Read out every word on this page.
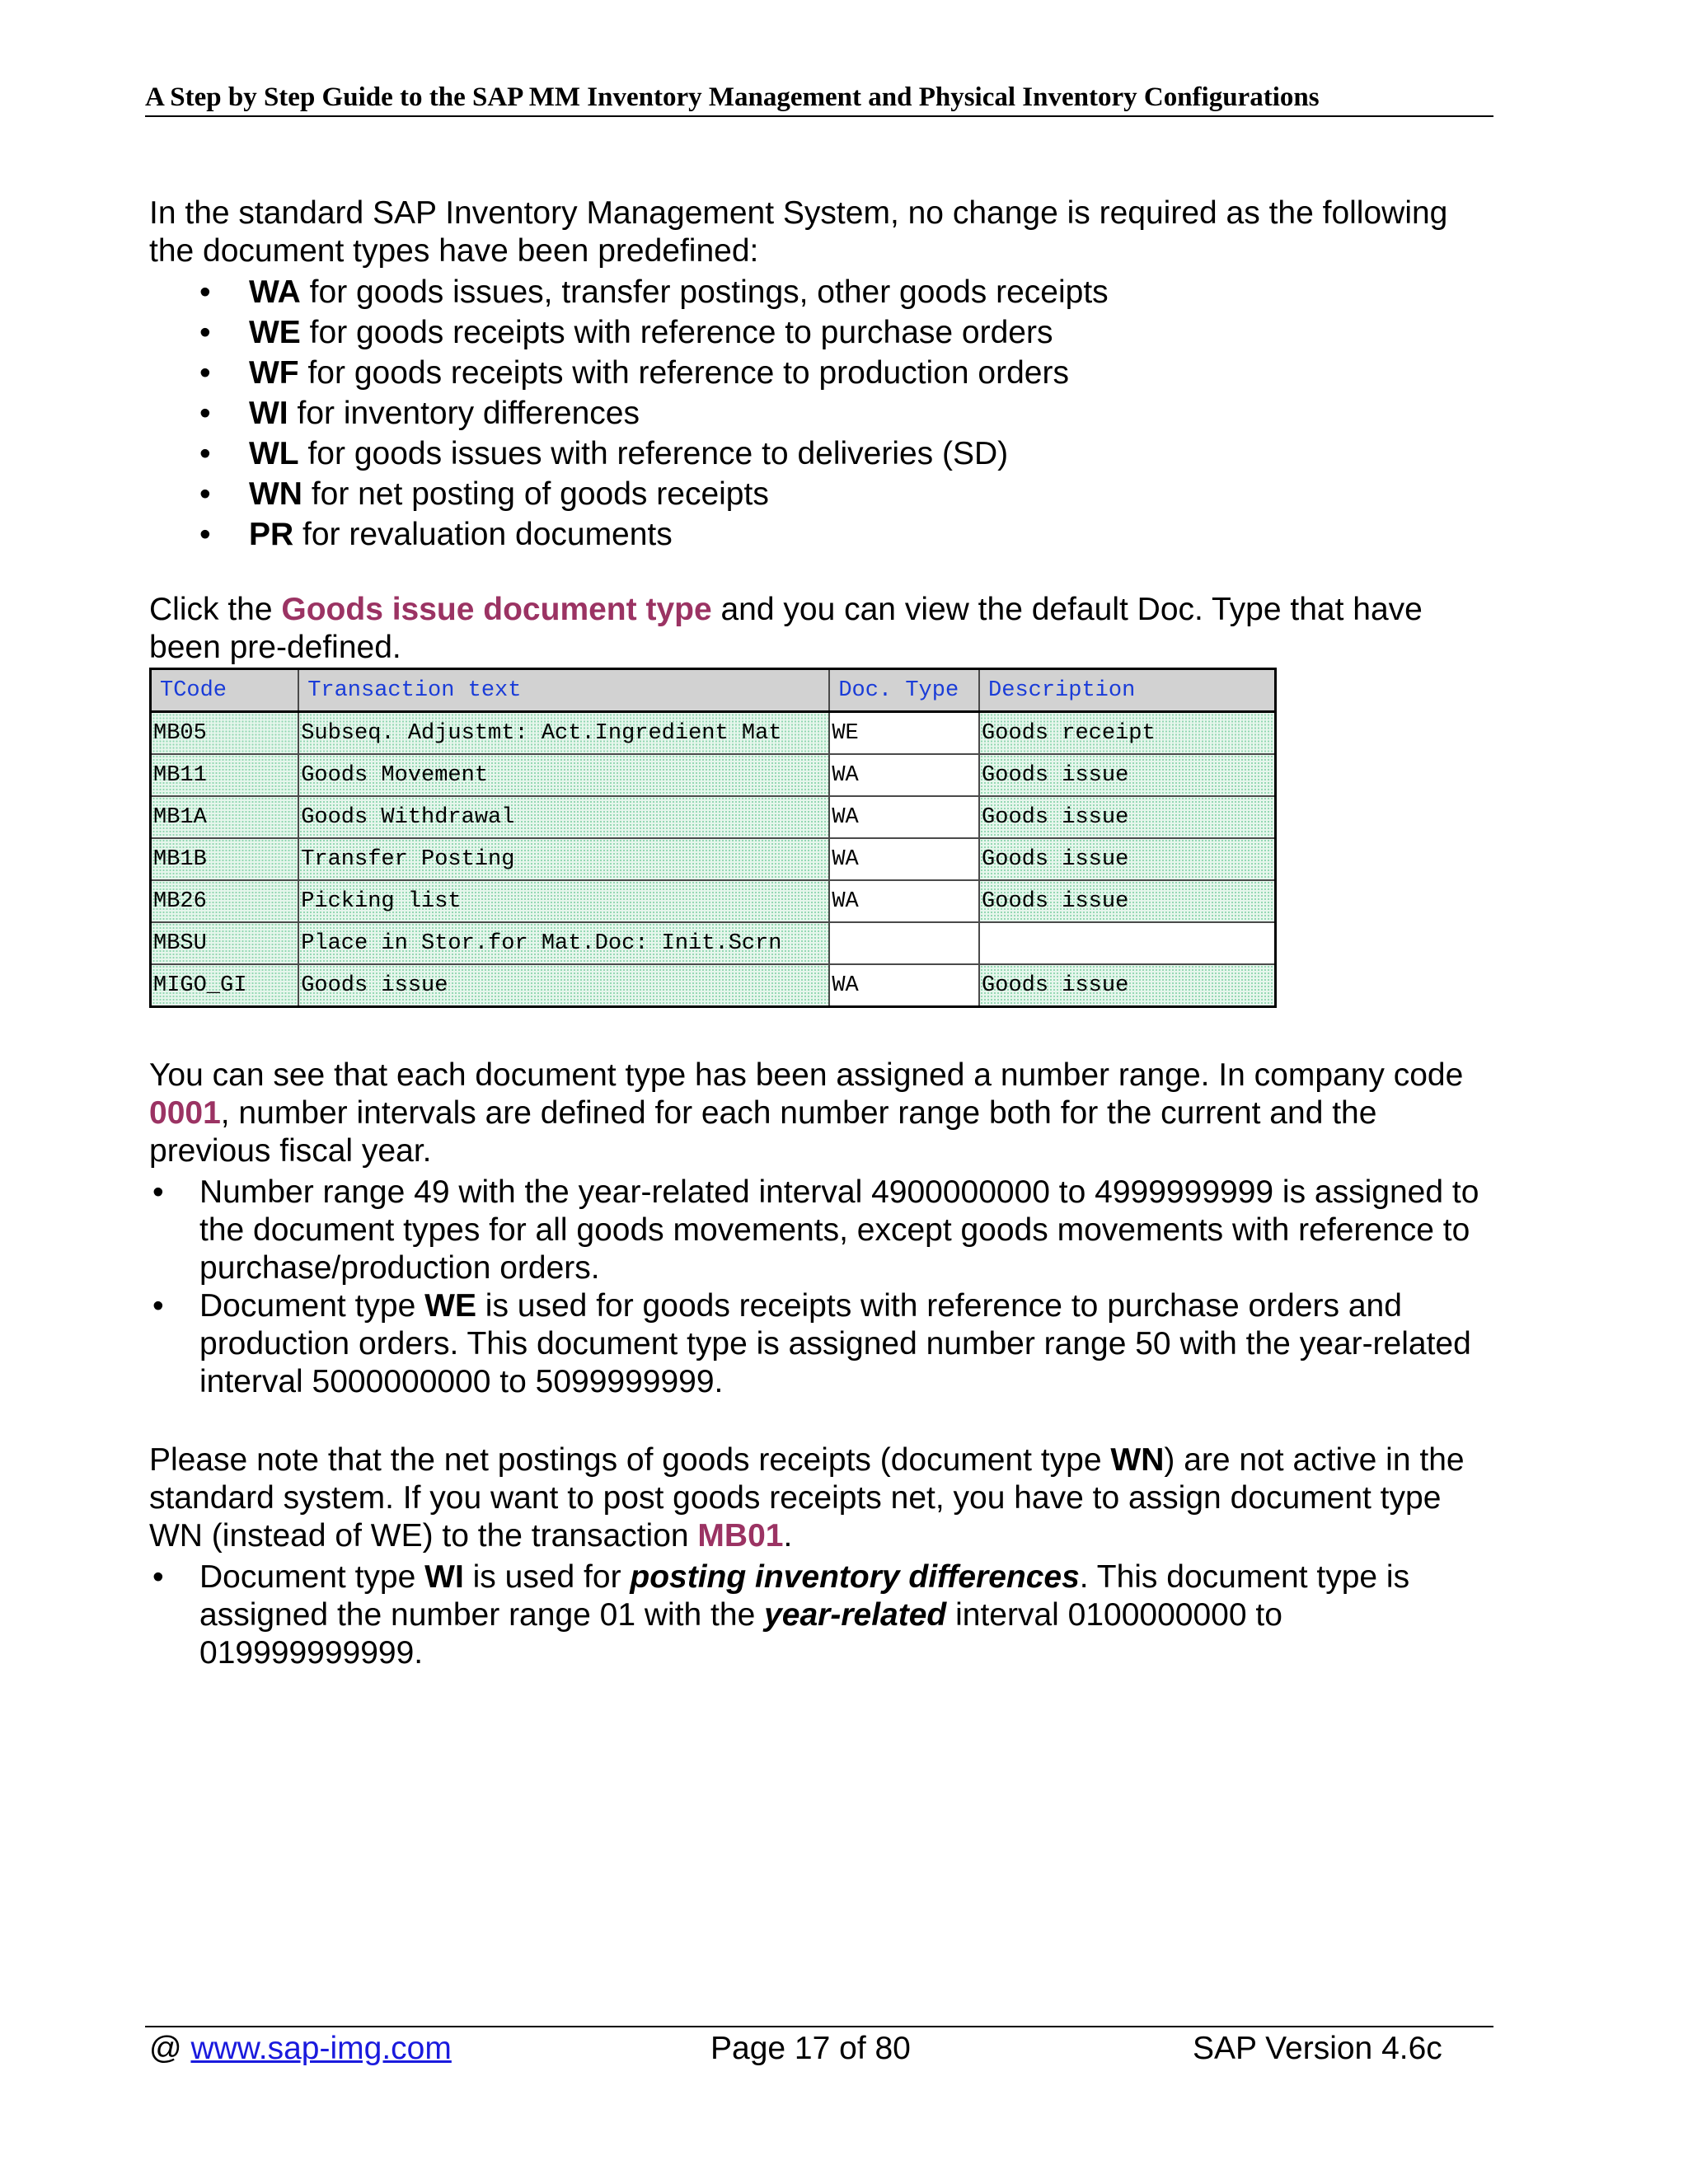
A Step by Step Guide to the SAP MM Inventory Management and Physical Inventory Configurations
In the standard SAP Inventory Management System, no change is required as the following the document types have been predefined:
• WA for goods issues, transfer postings, other goods receipts
• WE for goods receipts with reference to purchase orders
• WF for goods receipts with reference to production orders
• WI for inventory differences
• WL for goods issues with reference to deliveries (SD)
• WN for net posting of goods receipts
• PR for revaluation documents
Click the Goods issue document type and you can view the default Doc. Type that have been pre-defined.
TCode	Transaction text	Doc. Type	Description
MB05	Subseq. Adjustmt: Act.Ingredient Mat	WE	Goods receipt
MB11	Goods Movement	WA	Goods issue
MB1A	Goods Withdrawal	WA	Goods issue
MB1B	Transfer Posting	WA	Goods issue
MB26	Picking list	WA	Goods issue
MBSU	Place in Stor.for Mat.Doc: Init.Scrn		
MIGO_GI	Goods issue	WA	Goods issue
You can see that each document type has been assigned a number range. In company code 0001, number intervals are defined for each number range both for the current and the previous fiscal year.
• Number range 49 with the year-related interval 4900000000 to 4999999999 is assigned to the document types for all goods movements, except goods movements with reference to purchase/production orders.
• Document type WE is used for goods receipts with reference to purchase orders and production orders. This document type is assigned number range 50 with the year-related interval 5000000000 to 5099999999.
Please note that the net postings of goods receipts (document type WN) are not active in the standard system. If you want to post goods receipts net, you have to assign document type WN (instead of WE) to the transaction MB01.
• Document type WI is used for posting inventory differences. This document type is assigned the number range 01 with the year-related interval 0100000000 to 019999999999.
@ www.sap-img.com	Page 17 of 80	SAP Version 4.6c
